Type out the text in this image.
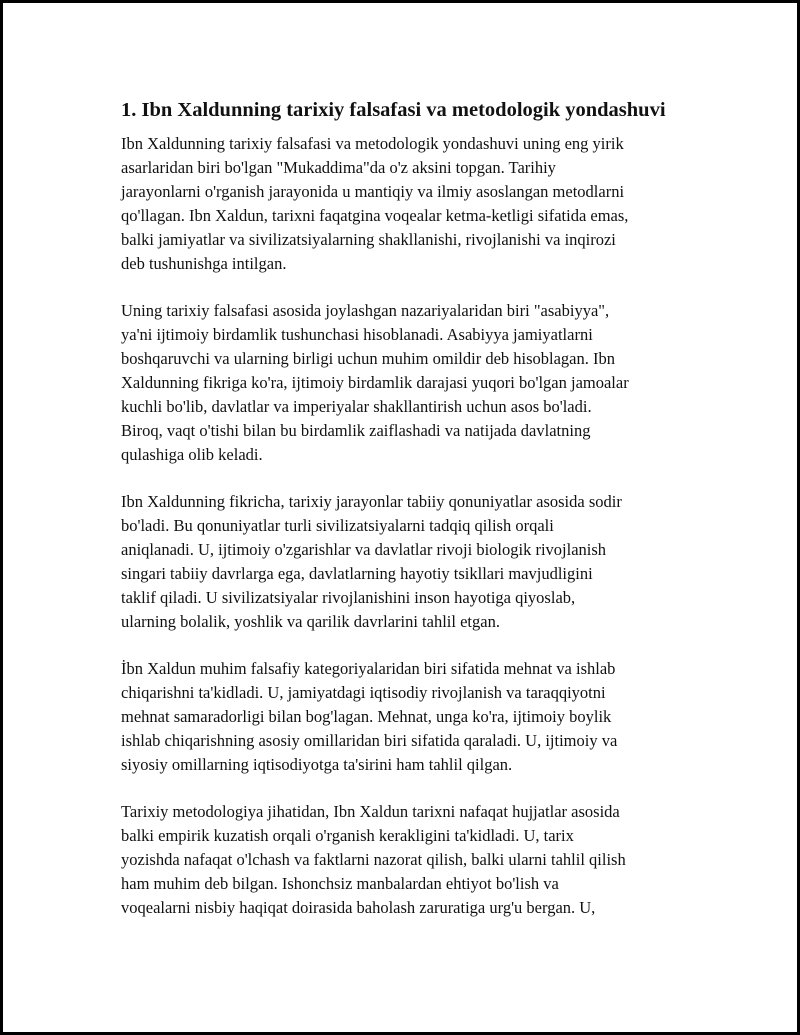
1. Ibn Xaldunning tarixiy falsafasi va metodologik yondashuvi

Ibn Xaldunning tarixiy falsafasi va metodologik yondashuvi uning eng yirik
asarlaridan biri bo'lgan "Mukaddima"da o'z aksini topgan. Tarihiy
jarayonlarni o'rganish jarayonida u mantiqiy va ilmiy asoslangan metodlarni
qo'llagan. Ibn Xaldun, tarixni faqatgina voqealar ketma-ketligi sifatida emas,
balki jamiyatlar va sivilizatsiyalarning shakllanishi, rivojlanishi va inqirozi
deb tushunishga intilgan.

Uning tarixiy falsafasi asosida joylashgan nazariyalaridan biri "asabiyya",
ya'ni ijtimoiy birdamlik tushunchasi hisoblanadi. Asabiyya jamiyatlarni
boshqaruvchi va ularning birligi uchun muhim omildir deb hisoblagan. Ibn
Xaldunning fikriga ko'ra, ijtimoiy birdamlik darajasi yuqori bo'lgan jamoalar
kuchli bo'lib, davlatlar va imperiyalar shakllantirish uchun asos bo'ladi.
Biroq, vaqt o'tishi bilan bu birdamlik zaiflashadi va natijada davlatning
qulashiga olib keladi.

Ibn Xaldunning fikricha, tarixiy jarayonlar tabiiy qonuniyatlar asosida sodir
bo'ladi. Bu qonuniyatlar turli sivilizatsiyalarni tadqiq qilish orqali
aniqlanadi. U, ijtimoiy o'zgarishlar va davlatlar rivoji biologik rivojlanish
singari tabiiy davrlarga ega, davlatlarning hayotiy tsikllari mavjudligini
taklif qiladi. U sivilizatsiyalar rivojlanishini inson hayotiga qiyoslab,
ularning bolalik, yoshlik va qarilik davrlarini tahlil etgan.

İbn Xaldun muhim falsafiy kategoriyalaridan biri sifatida mehnat va ishlab
chiqarishni ta'kidladi. U, jamiyatdagi iqtisodiy rivojlanish va taraqqiyotni
mehnat samaradorligi bilan bog'lagan. Mehnat, unga ko'ra, ijtimoiy boylik
ishlab chiqarishning asosiy omillaridan biri sifatida qaraladi. U, ijtimoiy va
siyosiy omillarning iqtisodiyotga ta'sirini ham tahlil qilgan.

Tarixiy metodologiya jihatidan, Ibn Xaldun tarixni nafaqat hujjatlar asosida
balki empirik kuzatish orqali o'rganish kerakligini ta'kidladi. U, tarix
yozishda nafaqat o'lchash va faktlarni nazorat qilish, balki ularni tahlil qilish
ham muhim deb bilgan. Ishonchsiz manbalardan ehtiyot bo'lish va
voqealarni nisbiy haqiqat doirasida baholash zaruratiga urg'u bergan. U,
